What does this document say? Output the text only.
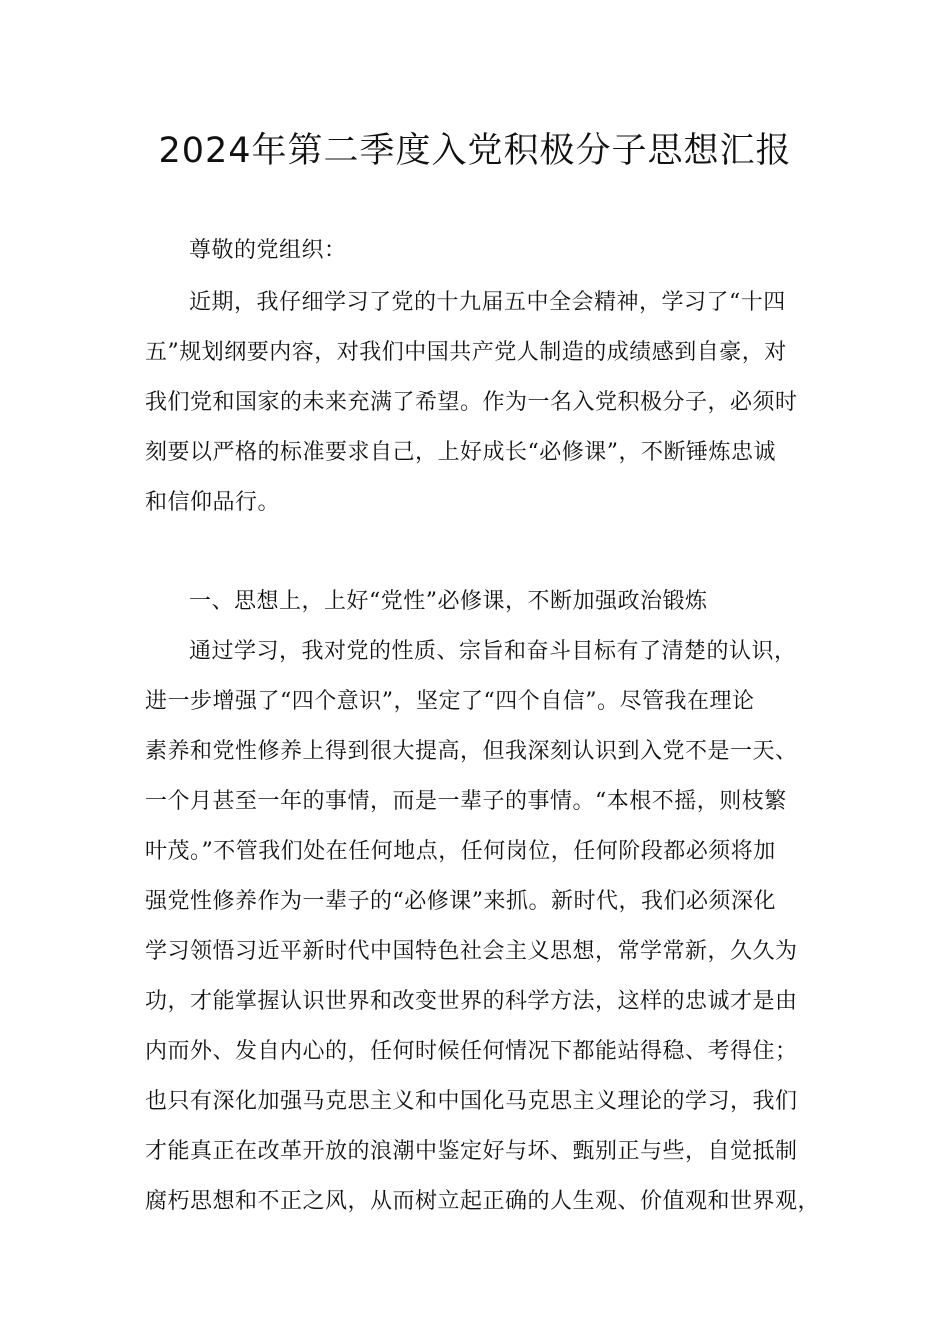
2024年第二季度入党积极分子思想汇报

尊敬的党组织：

近期，我仔细学习了党的十九届五中全会精神，学习了“十四
五”规划纲要内容，对我们中国共产党人制造的成绩感到自豪，对
我们党和国家的未来充满了希望。作为一名入党积极分子，必须时
刻要以严格的标准要求自己，上好成长“必修课”，不断锤炼忠诚
和信仰品行。
一、思想上，上好“党性”必修课，不断加强政治锻炼
通过学习，我对党的性质、宗旨和奋斗目标有了清楚的认识，
进一步增强了“四个意识”，坚定了“四个自信”。尽管我在理论
素养和党性修养上得到很大提高，但我深刻认识到入党不是一天、
一个月甚至一年的事情，而是一辈子的事情。“本根不摇，则枝繁
叶茂。”不管我们处在任何地点，任何岗位，任何阶段都必须将加
强党性修养作为一辈子的“必修课”来抓。新时代，我们必须深化
学习领悟习近平新时代中国特色社会主义思想，常学常新，久久为
功，才能掌握认识世界和改变世界的科学方法，这样的忠诚才是由
内而外、发自内心的，任何时候任何情况下都能站得稳、考得住；
也只有深化加强马克思主义和中国化马克思主义理论的学习，我们
才能真正在改革开放的浪潮中鉴定好与坏、甄别正与些，自觉抵制
腐朽思想和不正之风，从而树立起正确的人生观、价值观和世界观，
